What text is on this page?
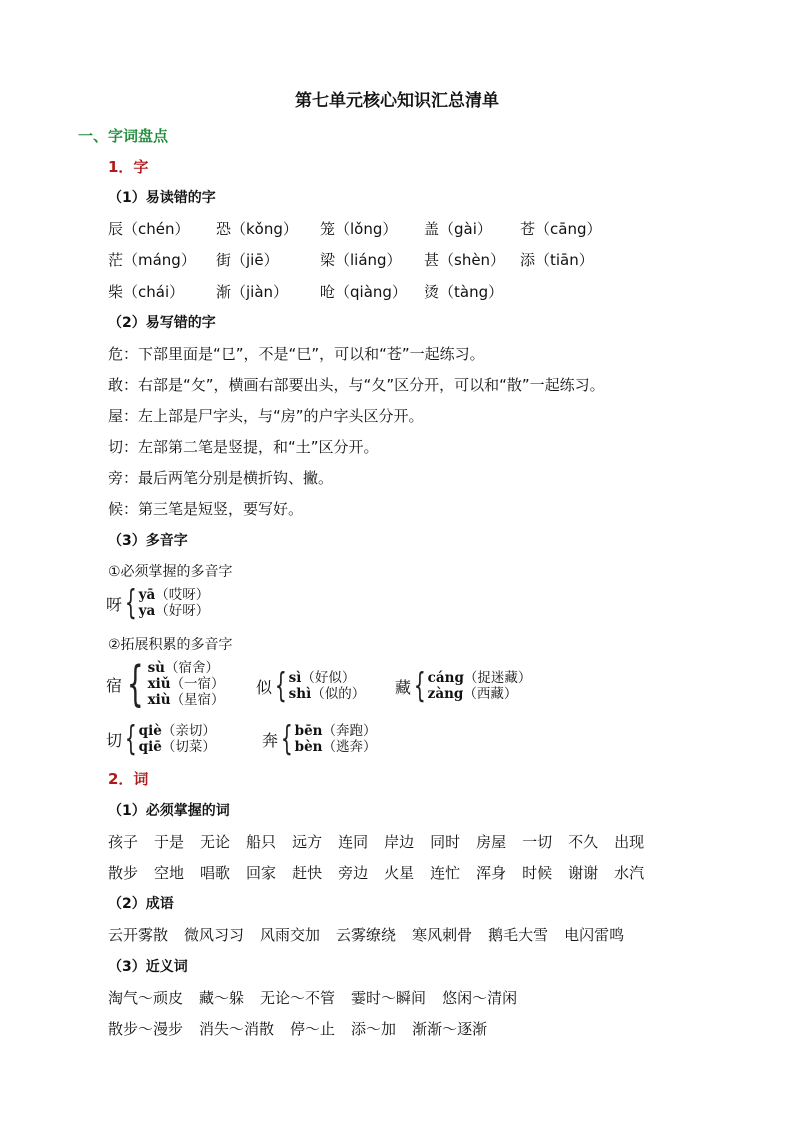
第七单元核心知识汇总清单
一、字词盘点
1．字
（1）易读错的字
辰（chén）	恐（kǒng）	笼（lǒng）	盖（gài）	苍（cāng）
茫（máng）	街（jiē）	梁（liáng）	甚（shèn） 添（tiān）
柴（chái）	渐（jiàn）	呛（qiàng）	烫（tàng）
（2）易写错的字
危：下部里面是“㔾”，不是“巳”，可以和“苍”一起练习。
敢：右部是“攵”，横画右部要出头，与“夂”区分开，可以和“散”一起练习。
屋：左上部是尸字头，与“房”的户字头区分开。
切：左部第二笔是竖提，和“土”区分开。
旁：最后两笔分别是横折钩、撇。
候：第三笔是短竖，要写好。
（3）多音字
①必须掌握的多音字
呀 { yā（哎呀）
ya（好呀）
②拓展积累的多音字
宿 { sù（宿舍）
xiǔ（一宿）
xiù（星宿）
似 { sì（好似）
shì（似的） 藏 { cáng（捉迷藏）
zàng（西藏）
切 { qiè（亲切）
qiē（切菜）	奔 { bēn（奔跑）
bèn（逃奔）
2．词
（1）必须掌握的词
孩子 于是 无论 船只 远方 连同 岸边 同时 房屋 一切 不久 出现
散步 空地 唱歌 回家 赶快 旁边 火星 连忙 浑身 时候 谢谢 水汽
（2）成语
云开雾散 微风习习 风雨交加 云雾缭绕 寒风刺骨 鹅毛大雪 电闪雷鸣
（3）近义词
淘气～顽皮 藏～躲 无论～不管 霎时～瞬间 悠闲～清闲
散步～漫步 消失～消散 停～止 添～加 渐渐～逐渐
